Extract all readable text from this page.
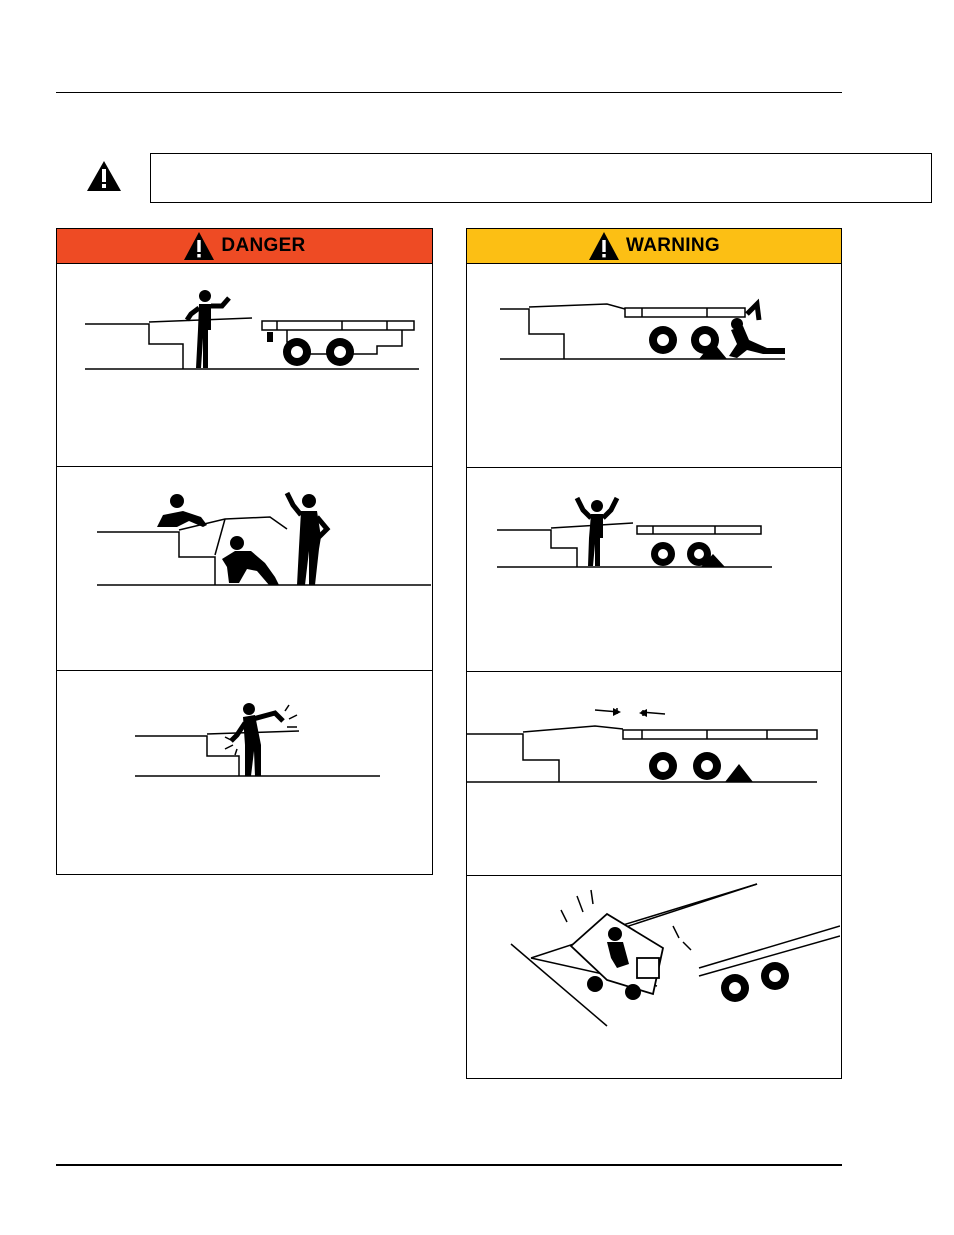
DANGER	WARNING
